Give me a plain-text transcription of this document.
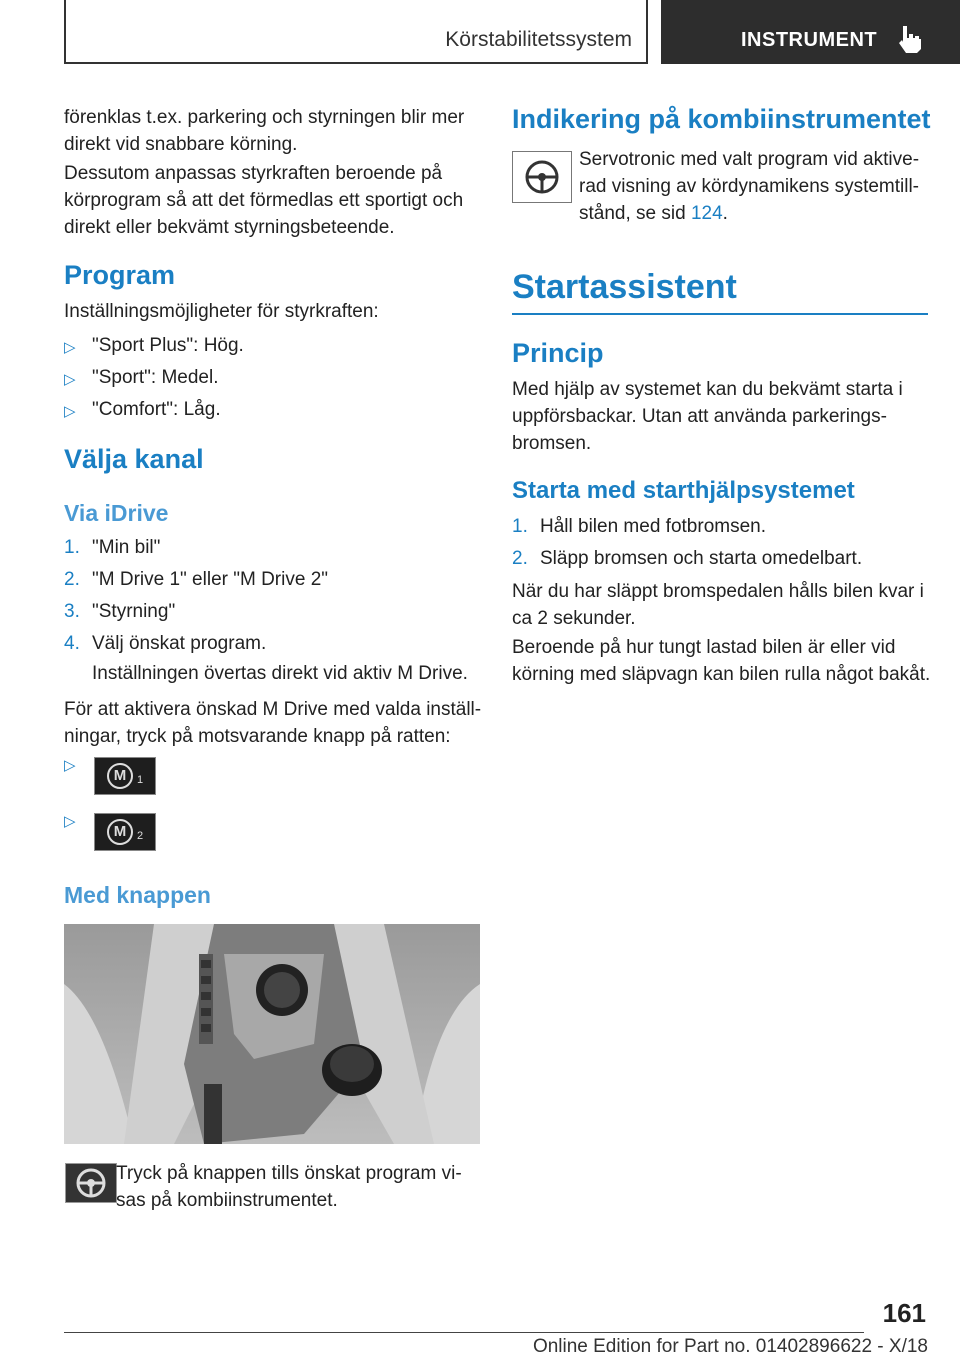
Körstabilitetssystem	INSTRUMENT
förenklas t.ex. parkering och styrningen blir mer
direkt vid snabbare körning.
Dessutom anpassas styrkraften beroende på
körprogram så att det förmedlas ett sportigt och
direkt eller bekvämt styrningsbeteende.
Program
Inställningsmöjligheter för styrkraften:
▷ "Sport Plus": Hög.
▷ "Sport": Medel.
▷ "Comfort": Låg.
Välja kanal
Via iDrive
1. "Min bil"
2. "M Drive 1" eller "M Drive 2"
3. "Styrning"
4. Välj önskat program.
Inställningen övertas direkt vid aktiv M Drive.
För att aktivera önskad M Drive med valda inställ-
ningar, tryck på motsvarande knapp på ratten:
▷
M 1
▷
M 2
Med knappen
Tryck på knappen tills önskat program vi-
sas på kombiinstrumentet.
Indikering på kombiinstrumentet
Servotronic med valt program vid aktive-
rad visning av kördynamikens systemtill-
stånd, se sid 124.
Startassistent
Princip
Med hjälp av systemet kan du bekvämt starta i
uppförsbackar. Utan att använda parkerings-
bromsen.
Starta med starthjälpsystemet
1. Håll bilen med fotbromsen.
2. Släpp bromsen och starta omedelbart.
När du har släppt bromspedalen hålls bilen kvar i
ca 2 sekunder.
Beroende på hur tungt lastad bilen är eller vid
körning med släpvagn kan bilen rulla något bakåt.
161
Online Edition for Part no. 01402896622 - X/18
